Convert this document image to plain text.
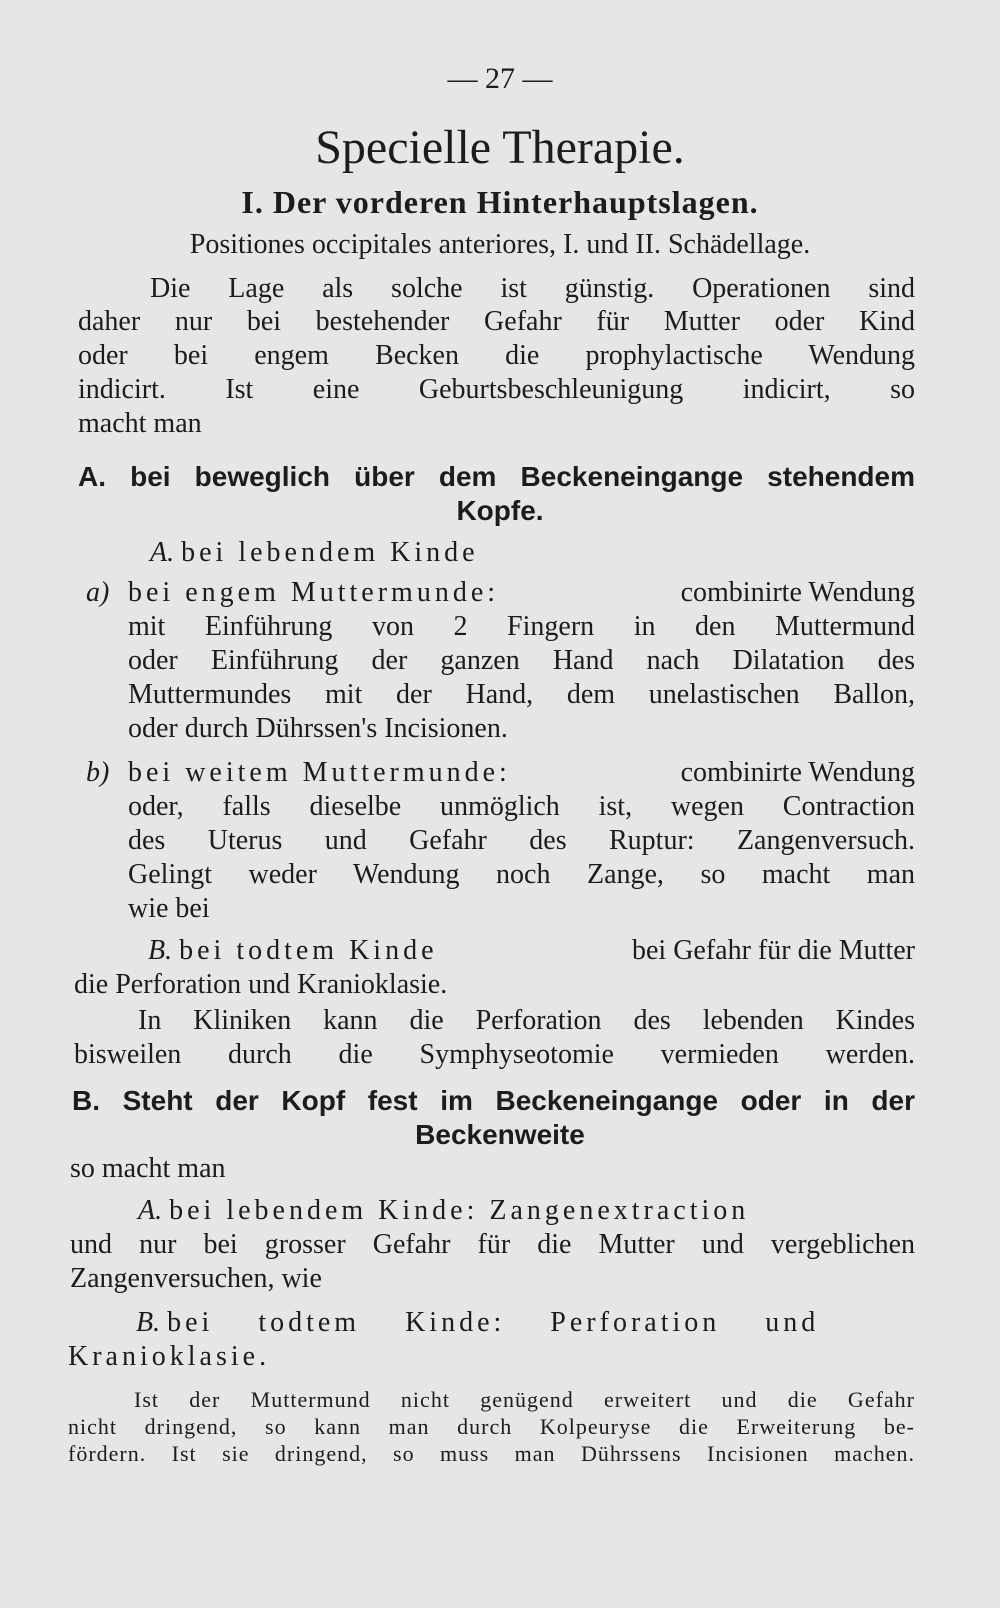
— 27 —
Specielle Therapie.
I. Der vorderen Hinterhauptslagen.
Positiones occipitales anteriores, I. und II. Schädellage.
Die Lage als solche ist günstig. Operationen sind
daher nur bei bestehender Gefahr für Mutter oder Kind
oder bei engem Becken die prophylactische Wendung
indicirt. Ist eine Geburtsbeschleunigung indicirt, so
macht man
A. bei beweglich über dem Beckeneingange stehendem
Kopfe.
A. bei lebendem Kinde
a) bei engem Muttermunde:	combinirte Wendung
mit Einführung von 2 Fingern in den Muttermund
oder Einführung der ganzen Hand nach Dilatation des
Muttermundes mit der Hand, dem unelastischen Ballon,
oder durch Dührssen's Incisionen.
b) bei weitem Muttermunde:	combinirte Wendung
oder, falls dieselbe unmöglich ist, wegen Contraction
des Uterus und Gefahr des Ruptur: Zangenversuch.
Gelingt weder Wendung noch Zange, so macht man
wie bei
B. bei todtem Kinde	bei Gefahr für die Mutter
die Perforation und Kranioklasie.
In Kliniken kann die Perforation des lebenden Kindes
bisweilen durch die Symphyseotomie vermieden werden.
B. Steht der Kopf fest im Beckeneingange oder in der
Beckenweite
so macht man
A. bei lebendem Kinde: Zangenextraction
und nur bei grosser Gefahr für die Mutter und vergeblichen
Zangenversuchen, wie
B. bei todtem Kinde: Perforation und
Kranioklasie.
Ist der Muttermund nicht genügend erweitert und die Gefahr
nicht dringend, so kann man durch Kolpeuryse die Erweiterung be-
fördern. Ist sie dringend, so muss man Dührssens Incisionen machen.
